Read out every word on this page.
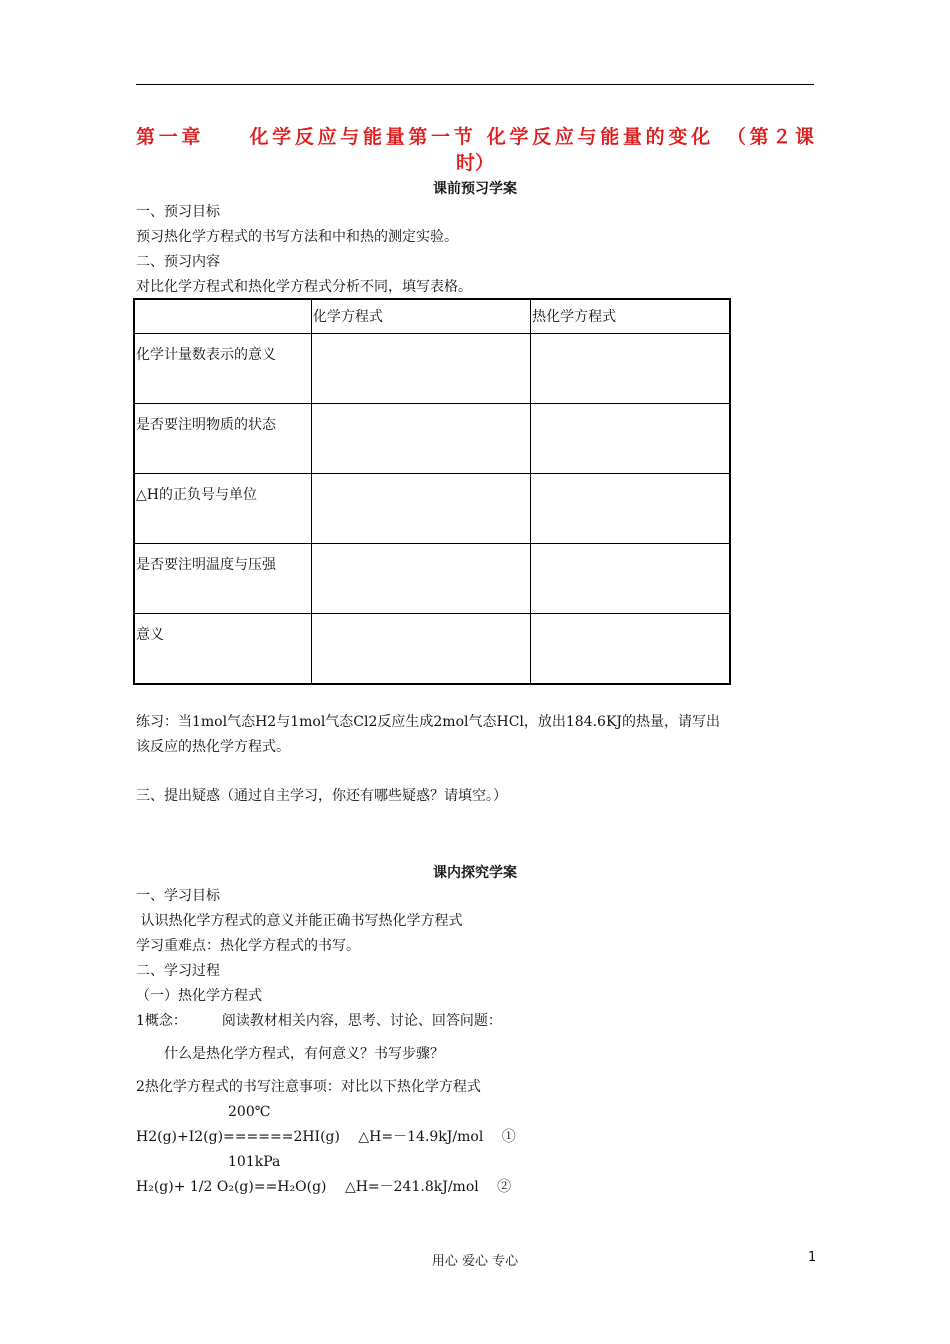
第一章　　化学反应与能量第一节 化学反应与能量的变化　（第２课
时）
课前预习学案
一、预习目标
预习热化学方程式的书写方法和中和热的测定实验。
二、预习内容
对比化学方程式和热化学方程式分析不同，填写表格。
	化学方程式	热化学方程式
化学计量数表示的意义		
是否要注明物质的状态		
△H的正负号与单位		
是否要注明温度与压强		
意义		
练习：当1mol气态H2与1mol气态Cl2反应生成2mol气态HCl，放出184.6KJ的热量，请写出
该反应的热化学方程式。
三、提出疑惑（通过自主学习，你还有哪些疑惑？请填空。）
课内探究学案
一、学习目标
认识热化学方程式的意义并能正确书写热化学方程式
学习重难点：热化学方程式的书写。
二、学习过程
（一）热化学方程式
1概念：　　　阅读教材相关内容，思考、讨论、回答问题：
什么是热化学方程式，有何意义？书写步骤？
2热化学方程式的书写注意事项：对比以下热化学方程式
200℃
H2(g)+I2(g)======2HI(g)　 △H=－14.9kJ/mol　 ①
101kPa
H₂(g)+ 1/2 O₂(g)==H₂O(g)　 △H=－241.8kJ/mol　 ②
用心 爱心 专心	1
